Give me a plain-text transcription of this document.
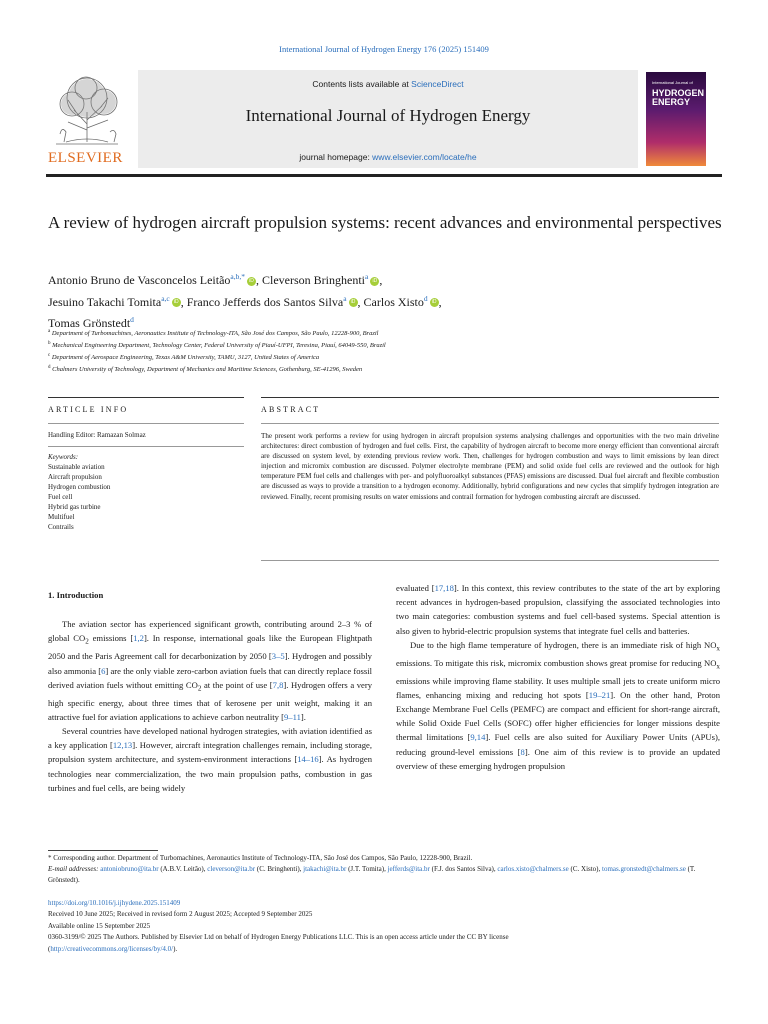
International Journal of Hydrogen Energy 176 (2025) 151409
ELSEVIER
Contents lists available at ScienceDirect
International Journal of Hydrogen Energy
journal homepage: www.elsevier.com/locate/he
International Journal of
HYDROGEN
ENERGY
A review of hydrogen aircraft propulsion systems: recent advances and environmental perspectives
Antonio Bruno de Vasconcelos Leitão$^{a,b,*}$ iD , Cleverson Bringhenti$^a$ iD ,
Jesuino Takachi Tomita$^{a,c}$ iD , Franco Jefferds dos Santos Silva$^a$ iD , Carlos Xisto$^d$ iD ,
Tomas Grönstedt$^d$
$^a$ Department of Turbomachines, Aeronautics Institute of Technology-ITA, São José dos Campos, São Paulo, 12228-900, Brazil
$^b$ Mechanical Engineering Department, Technology Center, Federal University of Piauí-UFPI, Teresina, Piauí, 64049-550, Brazil
$^c$ Department of Aerospace Engineering, Texas A&M University, TAMU, 3127, United States of America
$^d$ Chalmers University of Technology, Department of Mechanics and Maritime Sciences, Gothenburg, SE-41296, Sweden
ARTICLE INFO	ABSTRACT
Handling Editor: Ramazan Solmaz
Keywords:
Sustainable aviation
Aircraft propulsion
Hydrogen combustion
Fuel cell
Hybrid gas turbine
Multifuel
Contrails
The present work performs a review for using hydrogen in aircraft propulsion systems analysing challenges and opportunities with the two main driveline architectures: direct combustion of hydrogen and fuel cells. First, the capability of hydrogen aircraft to become more energy efficient than conventional aircraft are discussed on system level, by extending previous review work. Then, challenges for hydrogen combustion and ways to limit emissions by lean direct injection and micromix combustion are discussed. Polymer electrolyte membrane (PEM) and solid oxide fuel cells are reviewed and the outlook for high temperature PEM fuel cells and challenges with per- and polyfluoroalkyl substances (PFAS) emissions are discussed. Dual fuel aircraft and flexible combustion are discussed as ways to provide a transition to a hydrogen economy. Additionally, hybrid configurations and new cycles that simplify hydrogen integration are reviewed. Finally, recent promising results on water emissions and contrail formation for hydrogen combusting aircraft are discussed.
1. Introduction

The aviation sector has experienced significant growth, contributing around 2–3 % of global $CO_2$ emissions [1,2]. In response, international goals like the European Flightpath 2050 and the Paris Agreement call for decarbonization by 2050 [3–5]. Hydrogen and possibly also ammonia [6] are the only viable zero-carbon aviation fuels that can directly replace fossil derived aviation fuels without emitting $CO_2$ at the point of use [7,8]. Hydrogen offers a very high specific energy, about three times that of kerosene per unit weight, making it an attractive fuel for aviation applications to achieve carbon neutrality [9–11].

Several countries have developed national hydrogen strategies, with aviation identified as a key application [12,13]. However, aircraft integration challenges remain, including storage, propulsion system architecture, and system-environment interactions [14–16]. As hydrogen technologies near commercialization, the two main propulsion paths, combustion in gas turbines and fuel cells, are being widely

evaluated [17,18]. In this context, this review contributes to the state of the art by exploring recent advances in hydrogen-based propulsion, classifying the associated technologies into two main categories: combustion systems and fuel cell-based systems. Special attention is also given to hybrid-electric propulsion systems that integrate fuel cells and batteries.

Due to the high flame temperature of hydrogen, there is an immediate risk of high $NO_x$ emissions. To mitigate this risk, micromix combustion shows great promise for reducing $NO_x$ emissions while improving flame stability. It uses multiple small jets to create uniform micro flames, enhancing mixing and reducing hot spots [19–21]. On the other hand, Proton Exchange Membrane Fuel Cells (PEMFC) are compact and efficient for short-range aircraft, while Solid Oxide Fuel Cells (SOFC) offer higher efficiencies for longer missions despite thermal limitations [9,14]. Fuel cells are also suited for Auxiliary Power Units (APUs), reducing ground-level emissions [8]. One aim of this review is to provide an updated overview of these emerging hydrogen propulsion

* Corresponding author. Department of Turbomachines, Aeronautics Institute of Technology-ITA, São José dos Campos, São Paulo, 12228-900, Brazil.
E-mail addresses: antoniobruno@ita.br (A.B.V. Leitão), cleverson@ita.br (C. Bringhenti), jtakachi@ita.br (J.T. Tomita), jefferds@ita.br (F.J. dos Santos Silva), carlos.xisto@chalmers.se (C. Xisto), tomas.gronstedt@chalmers.se (T. Grönstedt).
https://doi.org/10.1016/j.ijhydene.2025.151409
Received 10 June 2025; Received in revised form 2 August 2025; Accepted 9 September 2025
Available online 15 September 2025
0360-3199/© 2025 The Authors. Published by Elsevier Ltd on behalf of Hydrogen Energy Publications LLC. This is an open access article under the CC BY license
(http://creativecommons.org/licenses/by/4.0/).
